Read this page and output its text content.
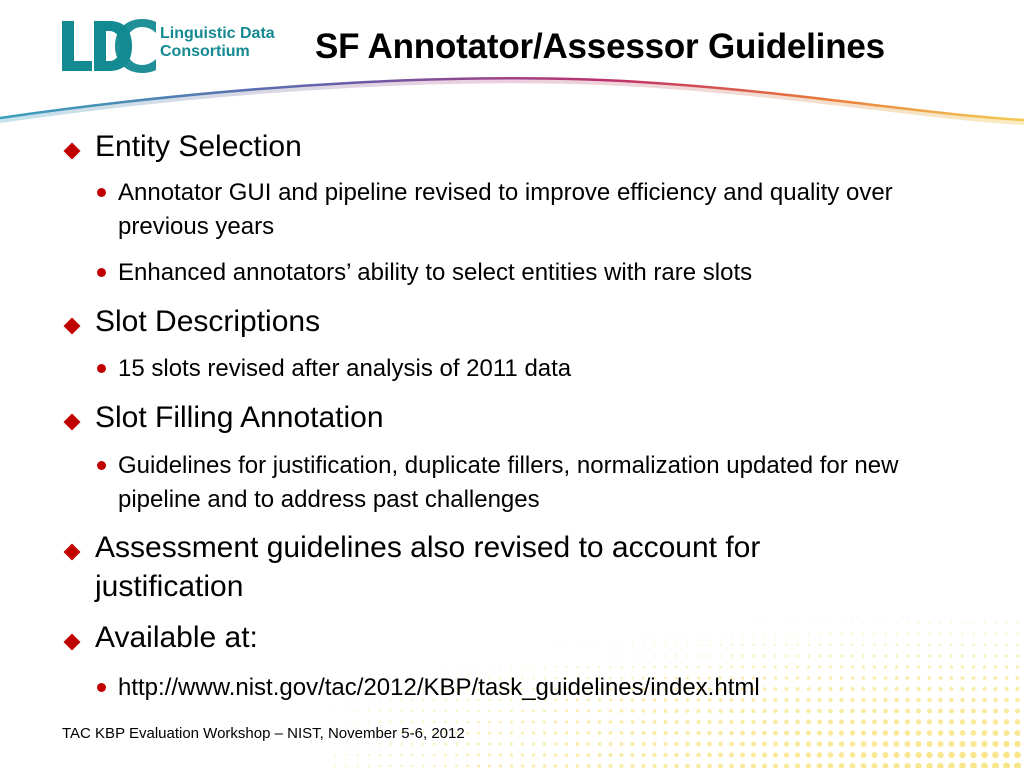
Linguistic Data
Consortium	SF Annotator/Assessor Guidelines
Entity Selection
Annotator GUI and pipeline revised to improve efficiency and quality over previous years
Enhanced annotators’ ability to select entities with rare slots
Slot Descriptions
15 slots revised after analysis of 2011 data
Slot Filling Annotation
Guidelines for justification, duplicate fillers, normalization updated for new pipeline and to address past challenges
Assessment guidelines also revised to account for justification
Available at:
http://www.nist.gov/tac/2012/KBP/task_guidelines/index.html
TAC KBP Evaluation Workshop – NIST, November 5-6, 2012
